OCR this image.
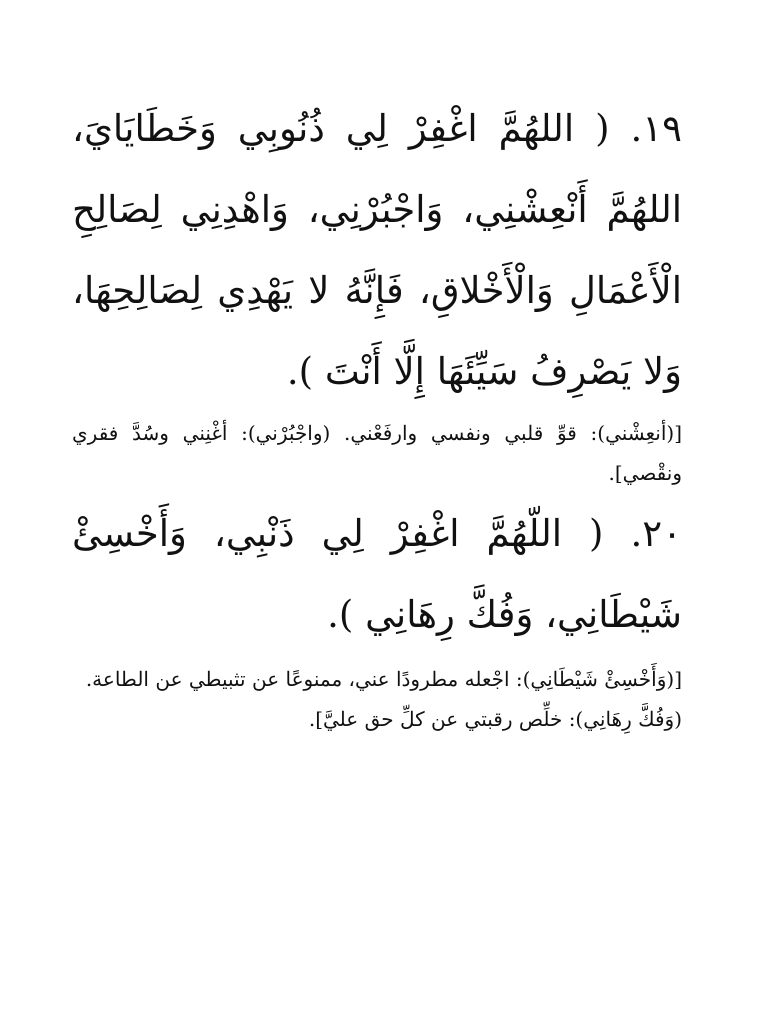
١٩. ( اللهُمَّ اغْفِرْ لِي ذُنُوبِي وَخَطَايَايَ، اللهُمَّ أَنْعِشْنِي، وَاجْبُرْنِي، وَاهْدِنِي لِصَالِحِ الْأَعْمَالِ وَالْأَخْلاقِ، فَإِنَّهُ لا يَهْدِي لِصَالِحِهَا، وَلا يَصْرِفُ سَيِّئَهَا إِلَّا أَنْتَ ).

[(أنعِشْني): قوِّ قلبي ونفسي وارفَعْني. (واجْبُرْني): أغْنِني وسُدَّ فقري ونقْصي].

٢٠. ( اللّهُمَّ اغْفِرْ لِي ذَنْبِي، وَأَخْسِئْ شَيْطَانِي، وَفُكَّ رِهَانِي ).

[(وَأَخْسِئْ شَيْطَانِي): اجْعله مطرودًا عني، ممنوعًا عن تثبيطي عن الطاعة.

(وَفُكَّ رِهَانِي): خلِّص رقبتي عن كلِّ حق عليَّ].
